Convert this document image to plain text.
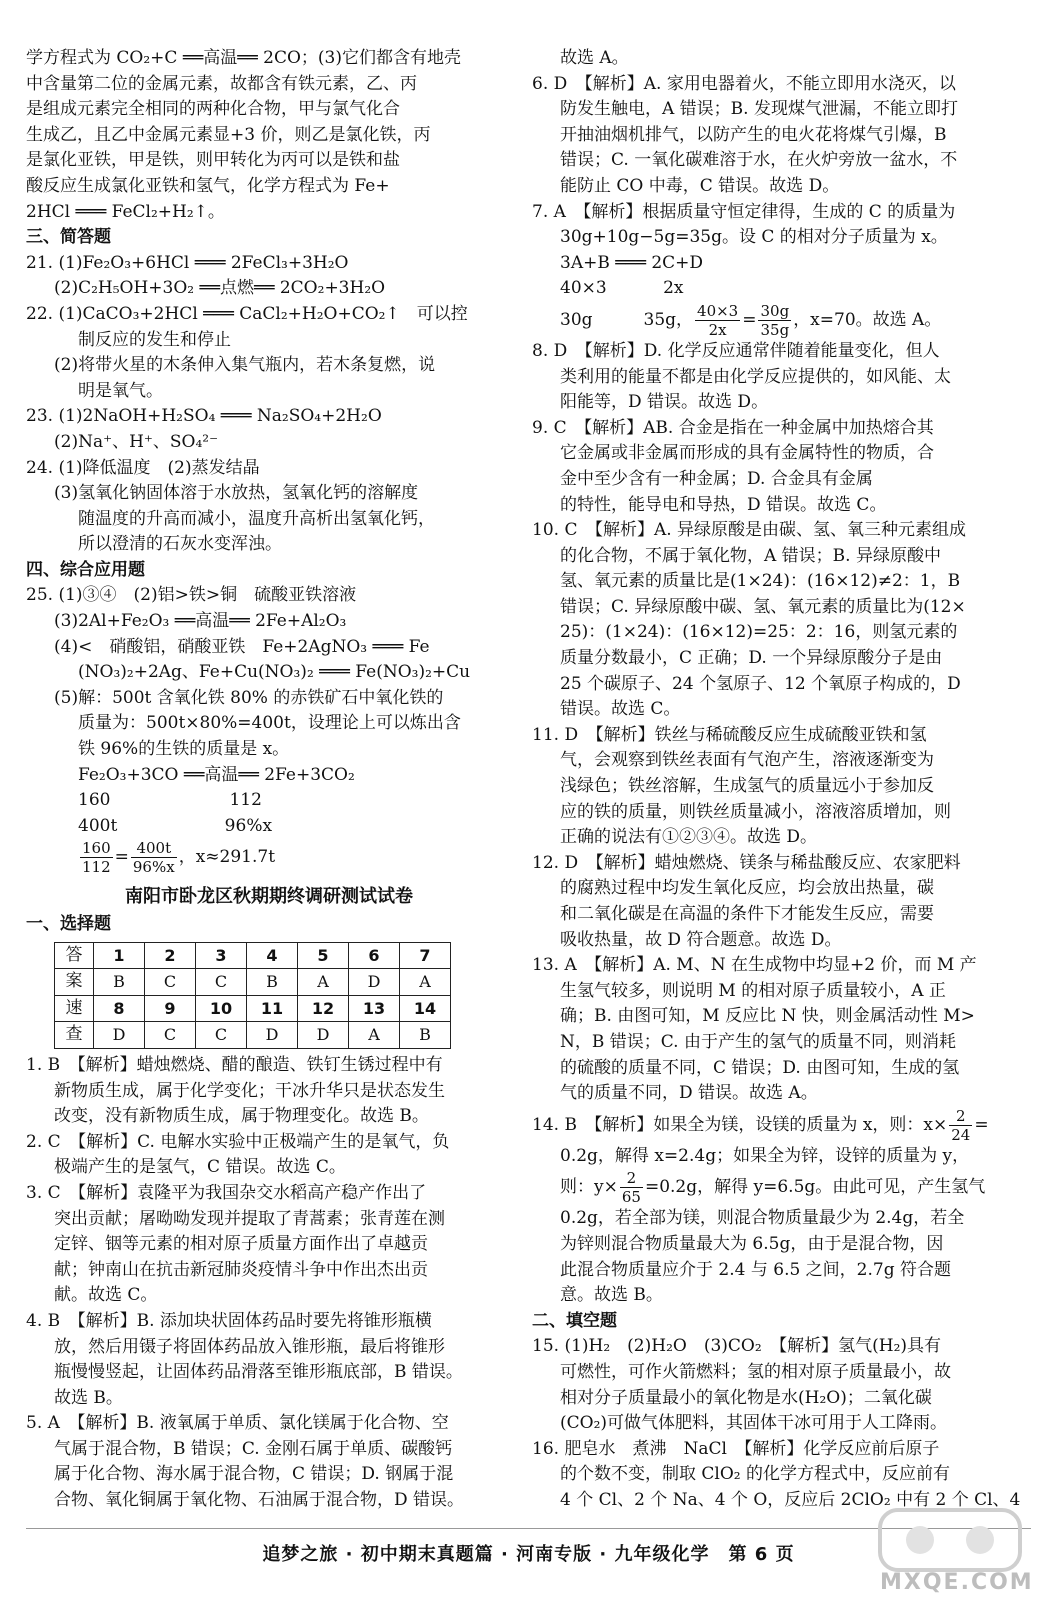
学方程式为 CO₂+C ══高温══ 2CO；(3)它们都含有地壳
中含量第二位的金属元素，故都含有铁元素，乙、丙
是组成元素完全相同的两种化合物，甲与氯气化合
生成乙，且乙中金属元素显+3 价，则乙是氯化铁，丙
是氯化亚铁，甲是铁，则甲转化为丙可以是铁和盐
酸反应生成氯化亚铁和氢气，化学方程式为 Fe+
2HCl ═══ FeCl₂+H₂↑。
三、简答题
21. (1)Fe₂O₃+6HCl ═══ 2FeCl₃+3H₂O
(2)C₂H₅OH+3O₂ ══点燃══ 2CO₂+3H₂O
22. (1)CaCO₃+2HCl ═══ CaCl₂+H₂O+CO₂↑　可以控
制反应的发生和停止
(2)将带火星的木条伸入集气瓶内，若木条复燃，说
明是氧气。
23. (1)2NaOH+H₂SO₄ ═══ Na₂SO₄+2H₂O
(2)Na⁺、H⁺、SO₄²⁻
24. (1)降低温度　(2)蒸发结晶
(3)氢氧化钠固体溶于水放热，氢氧化钙的溶解度
随温度的升高而减小，温度升高析出氢氧化钙，
所以澄清的石灰水变浑浊。
四、综合应用题
25. (1)③④　(2)铝>铁>铜　硫酸亚铁溶液
(3)2Al+Fe₂O₃ ══高温══ 2Fe+Al₂O₃
(4)<　硝酸铝，硝酸亚铁　Fe+2AgNO₃ ═══ Fe
(NO₃)₂+2Ag、Fe+Cu(NO₃)₂ ═══ Fe(NO₃)₂+Cu
(5)解：500t 含氧化铁 80% 的赤铁矿石中氧化铁的
质量为：500t×80%=400t，设理论上可以炼出含
铁 96%的生铁的质量是 x。
Fe₂O₃+3CO ══高温══ 2Fe+3CO₂
160　　　　　　　112
400t　　　　　　 96%x
$\frac{160}{112} = \frac{400t}{96\%x}$ ，x≈291.7t
南阳市卧龙区秋期期终调研测试试卷
一、选择题
答	1	2	3	4	5	6	7
案	B	C	C	B	A	D	A
速	8	9	10	11	12	13	14
查	D	C	C	D	D	A	B
1. B　【解析】蜡烛燃烧、醋的酿造、铁钉生锈过程中有
新物质生成，属于化学变化；干冰升华只是状态发生
改变，没有新物质生成，属于物理变化。故选 B。
2. C　【解析】C. 电解水实验中正极端产生的是氧气，负
极端产生的是氢气，C 错误。故选 C。
3. C　【解析】袁隆平为我国杂交水稻高产稳产作出了
突出贡献；屠呦呦发现并提取了青蒿素；张青莲在测
定锌、铟等元素的相对原子质量方面作出了卓越贡
献；钟南山在抗击新冠肺炎疫情斗争中作出杰出贡
献。故选 C。
4. B　【解析】B. 添加块状固体药品时要先将锥形瓶横
放，然后用镊子将固体药品放入锥形瓶，最后将锥形
瓶慢慢竖起，让固体药品滑落至锥形瓶底部，B 错误。
故选 B。
5. A　【解析】B. 液氧属于单质、氯化镁属于化合物、空
气属于混合物，B 错误；C. 金刚石属于单质、碳酸钙
属于化合物、海水属于混合物，C 错误；D. 钢属于混
合物、氧化铜属于氧化物、石油属于混合物，D 错误。
故选 A。
6. D　【解析】A. 家用电器着火，不能立即用水浇灭，以
防发生触电，A 错误；B. 发现煤气泄漏，不能立即打
开抽油烟机排气，以防产生的电火花将煤气引爆，B
错误；C. 一氧化碳难溶于水，在火炉旁放一盆水，不
能防止 CO 中毒，C 错误。故选 D。
7. A　【解析】根据质量守恒定律得，生成的 C 的质量为
30g+10g−5g=35g。设 C 的相对分子质量为 x。
3A+B ═══ 2C+D
40×3　　　 2x
30g　　　35g， $\frac{40\times 3}{2x} = \frac{30g}{35g}$ ，x=70。故选 A。
8. D　【解析】D. 化学反应通常伴随着能量变化，但人
类利用的能量不都是由化学反应提供的，如风能、太
阳能等，D 错误。故选 D。
9. C　【解析】AB. 合金是指在一种金属中加热熔合其
它金属或非金属而形成的具有金属特性的物质，合
金中至少含有一种金属；D. 合金具有金属
的特性，能导电和导热，D 错误。故选 C。
10. C　【解析】A. 异绿原酸是由碳、氢、氧三种元素组成
的化合物，不属于氧化物，A 错误；B. 异绿原酸中
氢、氧元素的质量比是(1×24)：(16×12)≠2：1，B
错误；C. 异绿原酸中碳、氢、氧元素的质量比为(12×
25)：(1×24)：(16×12)=25：2：16，则氢元素的
质量分数最小，C 正确；D. 一个异绿原酸分子是由
25 个碳原子、24 个氢原子、12 个氧原子构成的，D
错误。故选 C。
11. D　【解析】铁丝与稀硫酸反应生成硫酸亚铁和氢
气，会观察到铁丝表面有气泡产生，溶液逐渐变为
浅绿色；铁丝溶解，生成氢气的质量远小于参加反
应的铁的质量，则铁丝质量减小，溶液溶质增加，则
正确的说法有①②③④。故选 D。
12. D　【解析】蜡烛燃烧、镁条与稀盐酸反应、农家肥料
的腐熟过程中均发生氧化反应，均会放出热量，碳
和二氧化碳是在高温的条件下才能发生反应，需要
吸收热量，故 D 符合题意。故选 D。
13. A　【解析】A. M、N 在生成物中均显+2 价，而 M 产
生氢气较多，则说明 M 的相对原子质量较小，A 正
确；B. 由图可知，M 反应比 N 快，则金属活动性 M>
N，B 错误；C. 由于产生的氢气的质量不同，则消耗
的硫酸的质量不同，C 错误；D. 由图可知，生成的氢
气的质量不同，D 错误。故选 A。
14. B　【解析】如果全为镁，设镁的质量为 x，则：$x\times \frac{2}{24}$ =
0.2g，解得 x=2.4g；如果全为锌，设锌的质量为 y，
则：$y\times \frac{2}{65} =0.2g$，解得 y=6.5g。由此可见，产生氢气
0.2g，若全部为镁，则混合物质量最少为 2.4g，若全
为锌则混合物质量最大为 6.5g，由于是混合物，因
此混合物质量应介于 2.4 与 6.5 之间，2.7g 符合题
意。故选 B。
二、填空题
15. (1)H₂　(2)H₂O　(3)CO₂　【解析】氢气(H₂)具有
可燃性，可作火箭燃料；氢的相对原子质量最小，故
相对分子质量最小的氧化物是水(H₂O)；二氧化碳
(CO₂)可做气体肥料，其固体干冰可用于人工降雨。
16. 肥皂水　煮沸　NaCl　【解析】化学反应前后原子
的个数不变，制取 ClO₂ 的化学方程式中，反应前有
4 个 Cl、2 个 Na、4 个 O，反应后 2ClO₂ 中有 2 个 Cl、4
追梦之旅 · 初中期末真题篇 · 河南专版 · 九年级化学　第 6 页
MXQE.COM
